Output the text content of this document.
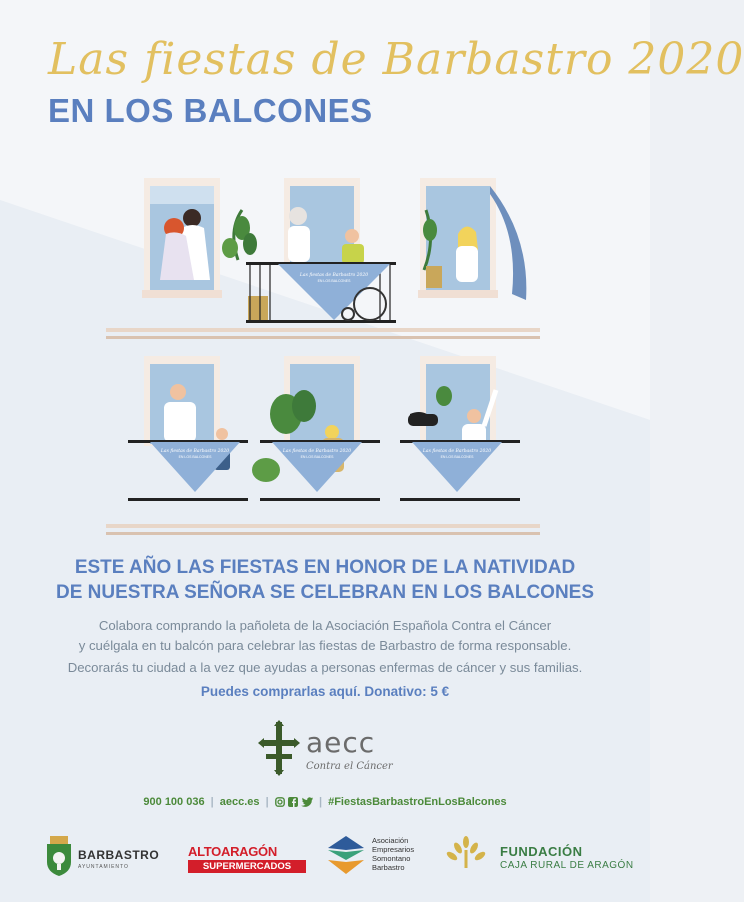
Las fiestas de Barbastro 2020
EN LOS BALCONES
Las fiestas de Barbastro 2020
EN LOS BALCONES
Las fiestas de Barbastro 2020
EN LOS BALCONES
Las fiestas de Barbastro 2020
EN LOS BALCONES
Las fiestas de Barbastro 2020
EN LOS BALCONES
ESTE AÑO LAS FIESTAS EN HONOR DE LA NATIVIDAD
DE NUESTRA SEÑORA SE CELEBRAN EN LOS BALCONES
Colabora comprando la pañoleta de la Asociación Española Contra el Cáncer
y cuélgala en tu balcón para celebrar las fiestas de Barbastro de forma responsable.
Decorarás tu ciudad a la vez que ayudas a personas enfermas de cáncer y sus familias.
Puedes comprarlas aquí. Donativo: 5 €
aecc
Contra el Cáncer
900 100 036 | aecc.es |	| #FiestasBarbastroEnLosBalcones
BARBASTRO
AYUNTAMIENTO
ALTOARAGÓN
SUPERMERCADOS
Asociación
Empresarios
Somontano
Barbastro
FUNDACIÓN
CAJA RURAL DE ARAGÓN
